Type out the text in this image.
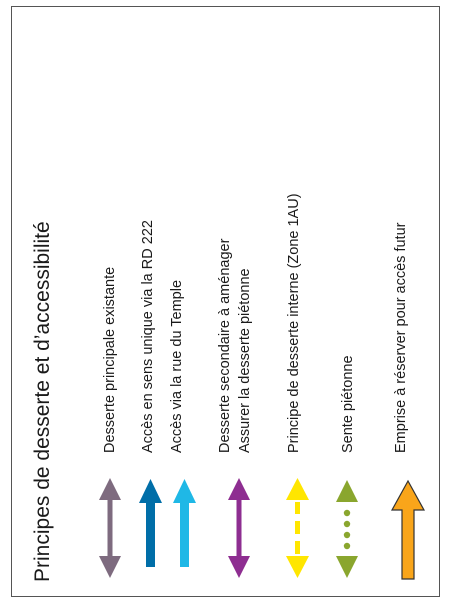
Principes de desserte et d’accessibilité	Desserte principale existante Accès en sens unique via la RD 222 Accès via la rue du Temple Desserte secondaire à aménager Assurer la desserte piétonne Principe de desserte interne (Zone 1AU)	Sente piétonne	Emprise à réserver pour accès futur
